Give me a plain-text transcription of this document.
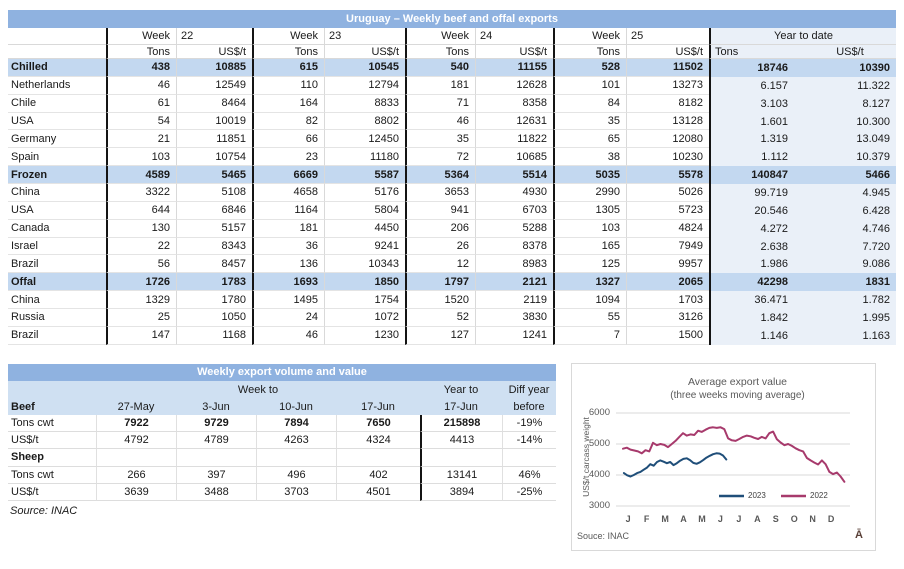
Uruguay – Weekly beef and offal exports
Week	22	Week	23	Week	24	Week	25	Year to date
Tons	US$/t	Tons	US$/t	Tons	US$/t	Tons	US$/t	Tons	US$/t
Chilled	438	10885	615	10545	540	11155	528	11502	18746	10390
Netherlands	46	12549	110	12794	181	12628	101	13273	6.157	11.322
Chile	61	8464	164	8833	71	8358	84	8182	3.103	8.127
USA	54	10019	82	8802	46	12631	35	13128	1.601	10.300
Germany	21	11851	66	12450	35	11822	65	12080	1.319	13.049
Spain	103	10754	23	11180	72	10685	38	10230	1.112	10.379
Frozen	4589	5465	6669	5587	5364	5514	5035	5578	140847	5466
China	3322	5108	4658	5176	3653	4930	2990	5026	99.719	4.945
USA	644	6846	1164	5804	941	6703	1305	5723	20.546	6.428
Canada	130	5157	181	4450	206	5288	103	4824	4.272	4.746
Israel	22	8343	36	9241	26	8378	165	7949	2.638	7.720
Brazil	56	8457	136	10343	12	8983	125	9957	1.986	9.086
Offal	1726	1783	1693	1850	1797	2121	1327	2065	42298	1831
China	1329	1780	1495	1754	1520	2119	1094	1703	36.471	1.782
Russia	25	1050	24	1072	52	3830	55	3126	1.842	1.995
Brazil	147	1168	46	1230	127	1241	7	1500	1.146	1.163
Weekly export volume and value
Week to	Year to	Diff year
Beef	27-May	3-Jun	10-Jun	17-Jun	17-Jun	before
Tons cwt	7922	9729	7894	7650	215898	-19%
US$/t	4792	4789	4263	4324	4413	-14%
Sheep
Tons cwt	266	397	496	402	13141	46%
US$/t	3639	3488	3703	4501	3894	-25%
Source: INAC
Average export value
(three weeks moving average)
US$/t carcass weight
6000
5000
4000
3000
J F M A M J J A S O N D
2023	2022
Souce: INAC	Ā
